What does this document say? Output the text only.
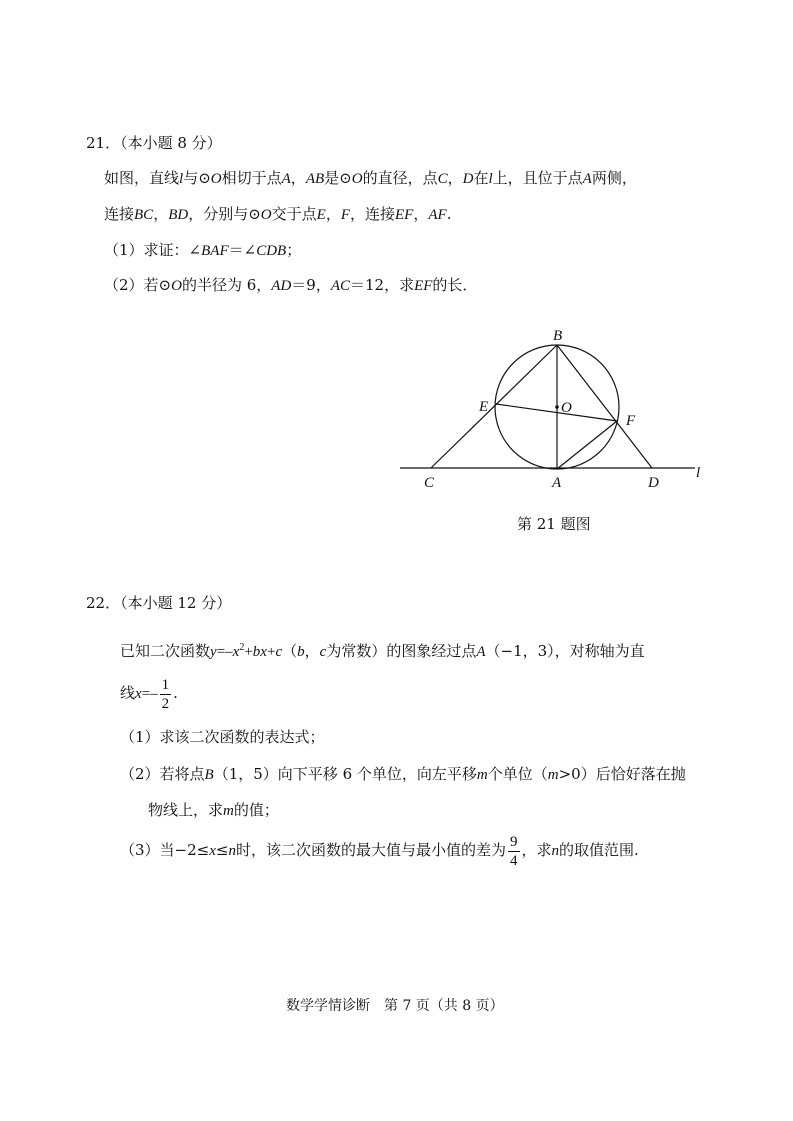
21．（本小题 8 分）
如图，直线l与⊙O相切于点A，AB是⊙O的直径，点C，D在l上，且位于点A两侧，
连接BC，BD，分别与⊙O交于点E，F，连接EF，AF.
（1）求证：∠BAF＝∠CDB；
（2）若⊙O的半径为 6，AD＝9，AC＝12，求EF的长．
B
E	O
F
C	A	D
l
第 21 题图
22．（本小题 12 分）
已知二次函数$y=-x^2+bx+c(b$，c为常数）的图象经过点A（−1，3），对称轴为直
线$x=- \frac{1}{2}$ .
（1）求该二次函数的表达式；
（2）若将点B（1，5）向下平移 6 个单位，向左平移m个单位（m>0）后恰好落在抛
物线上，求m的值；
（3）当−2≤x≤n时，该二次函数的最大值与最小值的差为 $\frac{9}{4}$ ，求n的取值范围.
数学学情诊断　第 7 页（共 8 页）
